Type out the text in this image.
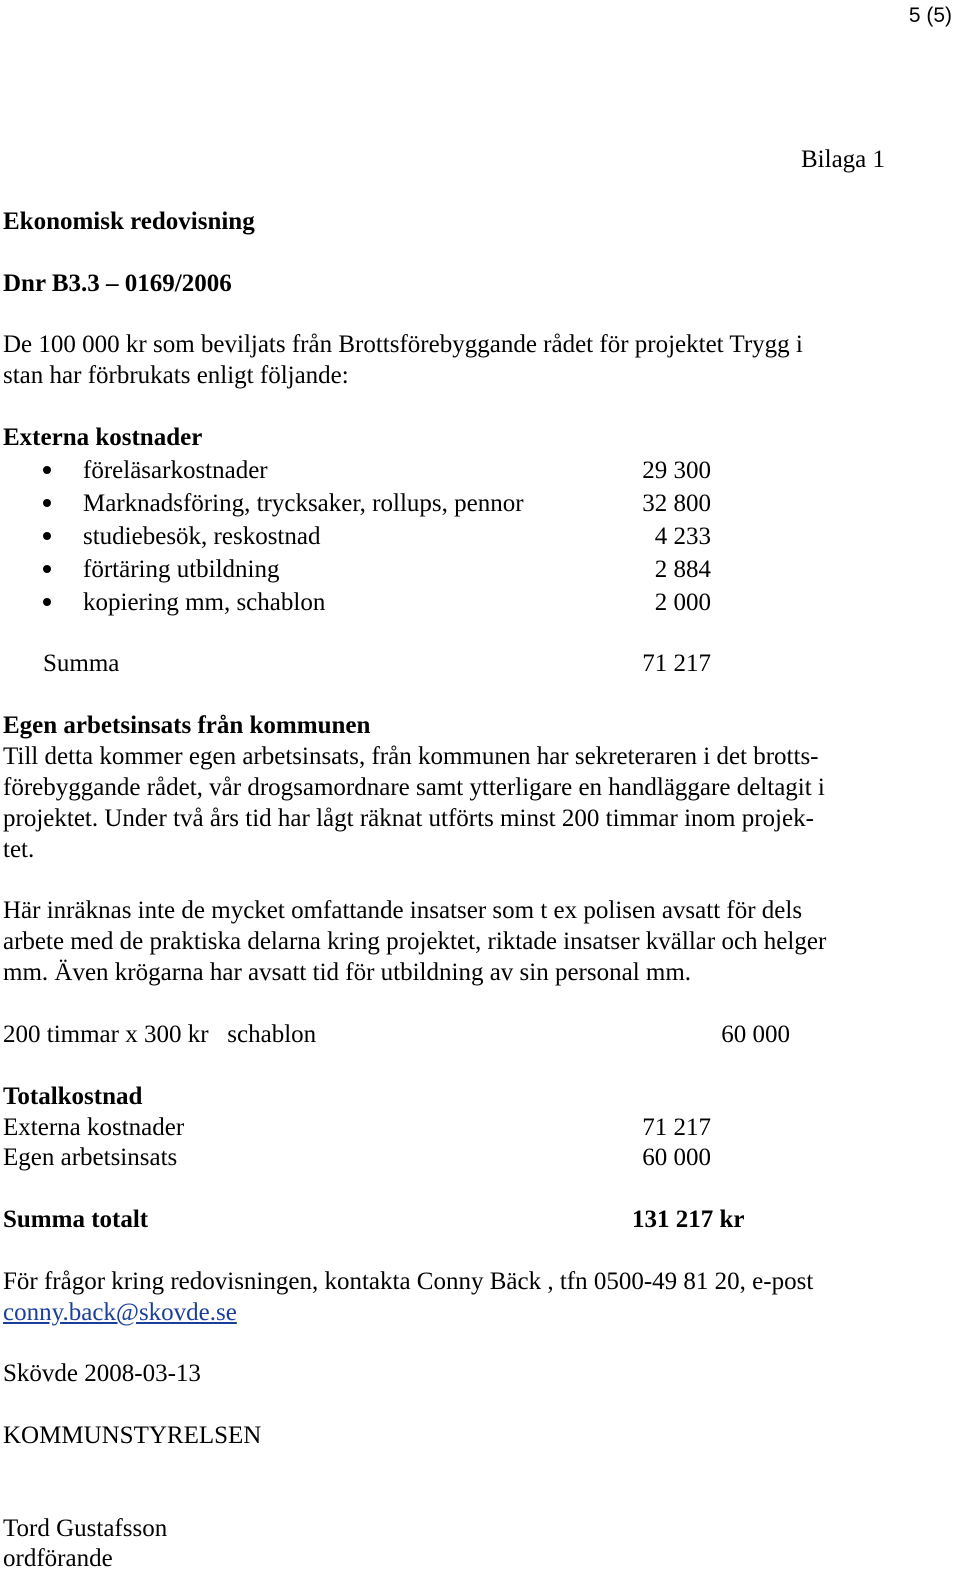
5 (5)
Bilaga 1
Ekonomisk redovisning
Dnr B3.3 – 0169/2006
De 100 000 kr som beviljats från Brottsförebyggande rådet för projektet Trygg i
stan har förbrukats enligt följande:
Externa kostnader
föreläsarkostnader	29 300
Marknadsföring, trycksaker, rollups, pennor	32 800
studiebesök, reskostnad	4 233
förtäring utbildning	2 884
kopiering mm, schablon	2 000
Summa	71 217
Egen arbetsinsats från kommunen
Till detta kommer egen arbetsinsats, från kommunen har sekreteraren i det brotts-
förebyggande rådet, vår drogsamordnare samt ytterligare en handläggare deltagit i
projektet. Under två års tid har lågt räknat utförts minst 200 timmar inom projek-
tet.
Här inräknas inte de mycket omfattande insatser som t ex polisen avsatt för dels
arbete med de praktiska delarna kring projektet, riktade insatser kvällar och helger
mm. Även krögarna har avsatt tid för utbildning av sin personal mm.
200 timmar x 300 kr   schablon	60 000
Totalkostnad
Externa kostnader	71 217
Egen arbetsinsats	60 000
Summa totalt	131 217 kr
För frågor kring redovisningen, kontakta Conny Bäck , tfn 0500-49 81 20, e-post
conny.back@skovde.se
Skövde 2008-03-13
KOMMUNSTYRELSEN
Tord Gustafsson
ordförande
